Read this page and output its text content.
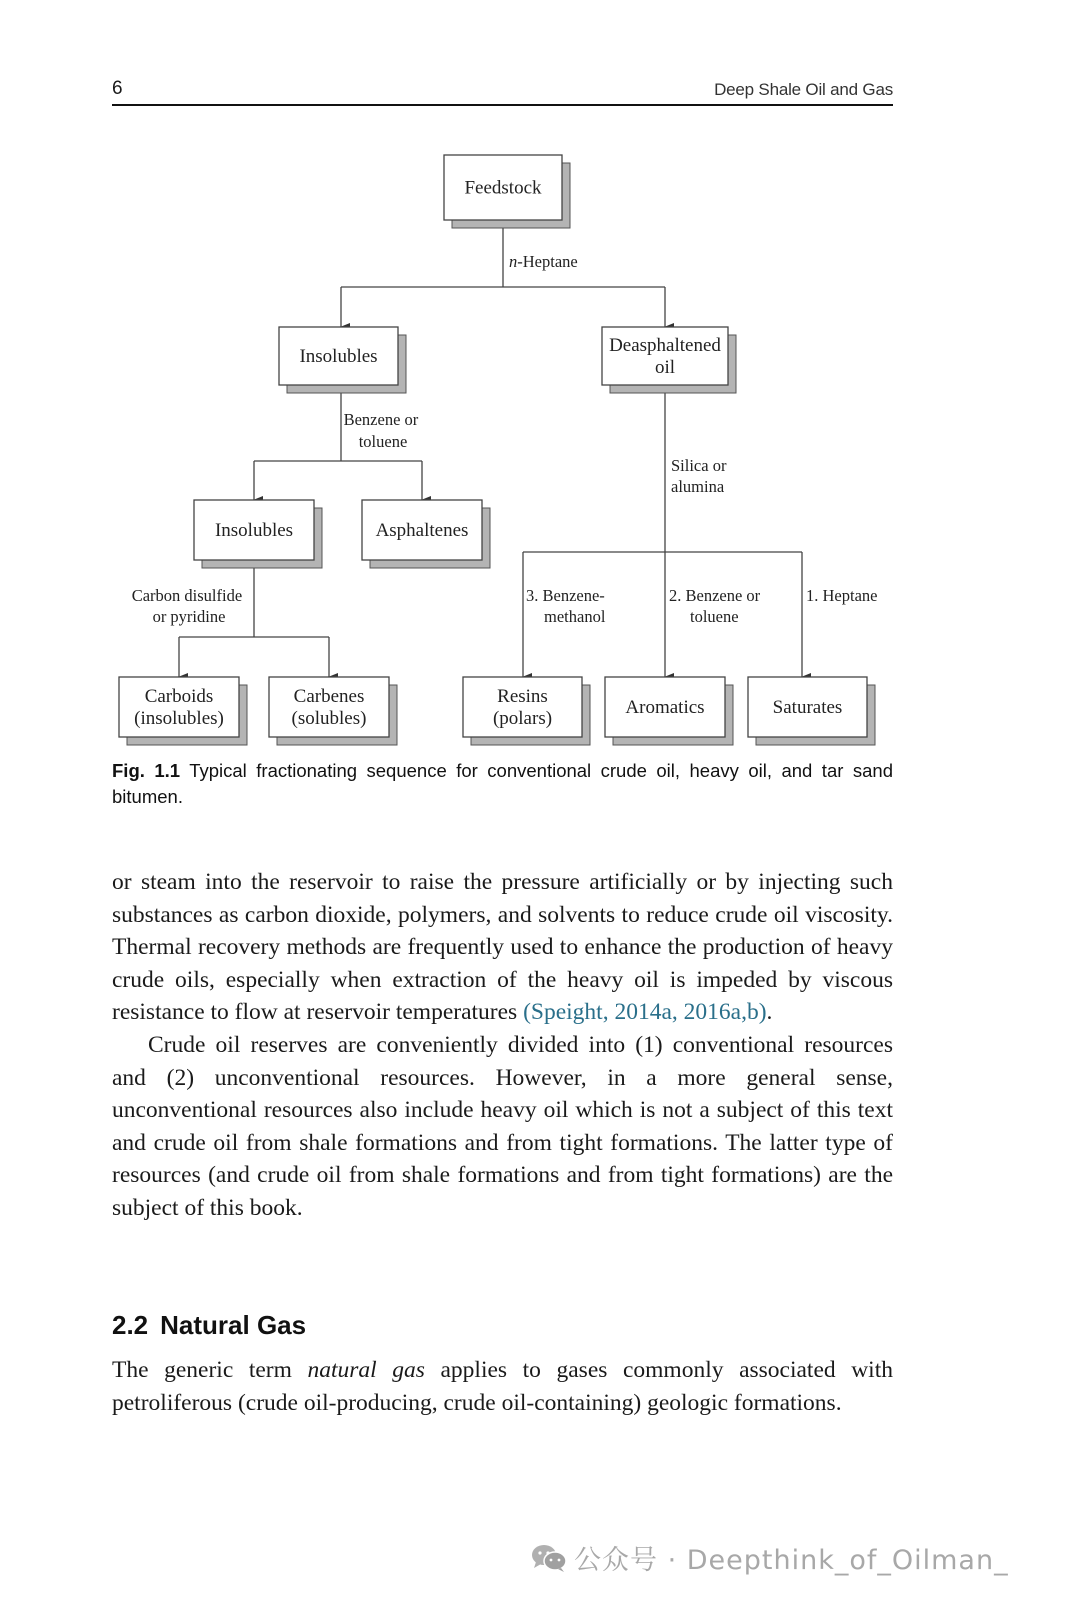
6	Deep Shale Oil and Gas
Feedstock
Insolubles
Deasphaltened oil
Insolubles	Asphaltenes
Carboids (insolubles)
Carbenes (solubles)
Resins (polars)
Aromatics	Saturates
n-Heptane
Benzene or toluene
Silica or alumina
Carbon disulfide or pyridine
3. Benzene- methanol
2. Benzene or toluene
1. Heptane
Fig. 1.1 Typical fractionating sequence for conventional crude oil, heavy oil, and tar sand bitumen.

or steam into the reservoir to raise the pressure artificially or by injecting such substances as carbon dioxide, polymers, and solvents to reduce crude oil viscosity. Thermal recovery methods are frequently used to enhance the production of heavy crude oils, especially when extraction of the heavy oil is impeded by viscous resistance to flow at reservoir temperatures (Speight, 2014a, 2016a,b).

Crude oil reserves are conveniently divided into (1) conventional resources and (2) unconventional resources. However, in a more general sense, unconventional resources also include heavy oil which is not a subject of this text and crude oil from shale formations and from tight formations. The latter type of resources (and crude oil from shale formations and from tight formations) are the subject of this book.

2.2 Natural Gas

The generic term natural gas applies to gases commonly associated with petroliferous (crude oil-producing, crude oil-containing) geologic formations.

公众号 · Deepthink_of_Oilman_
